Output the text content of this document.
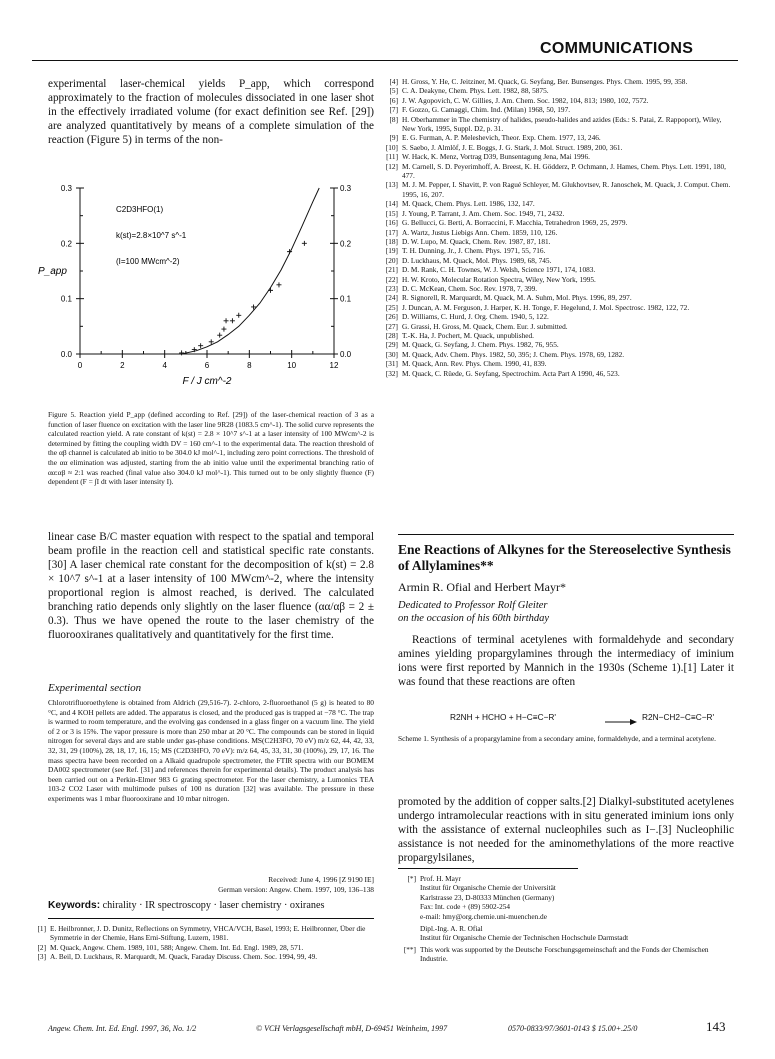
COMMUNICATIONS
experimental laser-chemical yields P_app, which correspond approximately to the fraction of molecules dissociated in one laser shot in the effectively irradiated volume (for exact definition see Ref. [29]) are analyzed quantitatively by means of a complete simulation of the reaction (Figure 5) in terms of the non-
0.0	0.0
0.1	0.1
0.2	0.2
0.3	0.3
0	2	4	6	8	10	12
F / J cm^-2
P_app
C2D3HFO(1)
k(st)=2.8×10^7 s^-1
(I=100 MWcm^-2)
Figure 5. Reaction yield P_app (defined according to Ref. [29]) of the laser-chemical reaction of 3 as a function of laser fluence on excitation with the laser line 9R28 (1083.5 cm^-1). The solid curve represents the calculated reaction yield. A rate constant of k(st) = 2.8 × 10^7 s^-1 at a laser intensity of 100 MWcm^-2 is determined by fitting the coupling width DV = 160 cm^-1 to the experimental data. The reaction threshold of the αβ channel is calculated ab initio to be 304.0 kJ mol^-1, including zero point corrections. The threshold of the αα elimination was adjusted, starting from the ab initio value until the experimental branching ratio of αα:αβ ≈ 2:1 was reached (final value also 304.0 kJ mol^-1). This turned out to be only slightly fluence (F) dependent (F = ∫I dt with laser intensity I).
linear case B/C master equation with respect to the spatial and temporal beam profile in the reaction cell and statistical specific rate constants.[30] A laser chemical rate constant for the decomposition of k(st) = 2.8 × 10^7 s^-1 at a laser intensity of 100 MWcm^-2, where the intensity proportional region is almost reached, is derived. The calculated branching ratio depends only slightly on the laser fluence (αα/αβ = 2 ± 0.3). Thus we have opened the route to the laser chemistry of the fluorooxiranes qualitatively and quantitatively for the first time.
Experimental section
Chlorotrifluoroethylene is obtained from Aldrich (29,516-7). 2-chloro, 2-fluoroethanol (5 g) is heated to 80 °C, and 4 KOH pellets are added. The apparatus is closed, and the produced gas is trapped at −78 °C. The trap is warmed to room temperature, and the evolving gas condensed in a glass finger on a vacuum line. The yield of 2 or 3 is 15%. The vapor pressure is more than 250 mbar at 20 °C. The compounds can be stored in liquid nitrogen for several days and are stable under gas-phase conditions. MS(C2H3FO, 70 eV) m/z 62, 44, 42, 33, 32, 31, 29 (100%), 28, 18, 17, 16, 15; MS (C2D3HFO, 70 eV): m/z 64, 45, 33, 31, 30 (100%), 29, 17, 16. The mass spectra have been recorded on a Alkaid quadrupole spectrometer, the FTIR spectra with our BOMEM DA002 spectrometer (see Ref. [31] and references therein for experimental details). The product analysis has been carried out on a Perkin-Elmer 983 G grating spectrometer. For the laser chemistry, a Lumonics TEA 103-2 CO2 Laser with multimode pulses of 100 ns duration [32] was available. The pressure in these experiments was 1 mbar fluorooxirane and 10 mbar nitrogen.
Received: June 4, 1996 [Z 9190 IE]
German version: Angew. Chem. 1997, 109, 136–138
Keywords: chirality · IR spectroscopy · laser chemistry · oxiranes
[1] E. Heilbronner, J. D. Dunitz, Reflections on Symmetry, VHCA/VCH, Basel, 1993; E. Heilbronner, Über die Symmetrie in der Chemie, Hans Erni-Stiftung, Luzern, 1981.
[2] M. Quack, Angew. Chem. 1989, 101, 588; Angew. Chem. Int. Ed. Engl. 1989, 28, 571.
[3] A. Beil, D. Luckhaus, R. Marquardt, M. Quack, Faraday Discuss. Chem. Soc. 1994, 99, 49.
[4] H. Gross, Y. He, C. Jeitziner, M. Quack, G. Seyfang, Ber. Bunsenges. Phys. Chem. 1995, 99, 358.
[5] C. A. Deakyne, Chem. Phys. Lett. 1982, 88, 5875.
[6] J. W. Agopovich, C. W. Gillies, J. Am. Chem. Soc. 1982, 104, 813; 1980, 102, 7572.
[7] F. Gozzo, G. Camaggi, Chim. Ind. (Milan) 1968, 50, 197.
[8] H. Oberhammer in The chemistry of halides, pseudo-halides and azides (Eds.: S. Patai, Z. Rappoport), Wiley, New York, 1995, Suppl. D2, p. 31.
[9] E. G. Furman, A. P. Meleshevich, Theor. Exp. Chem. 1977, 13, 246.
[10] S. Saebo, J. Almlöf, J. E. Boggs, J. G. Stark, J. Mol. Struct. 1989, 200, 361.
[11] W. Hack, K. Menz, Vortrag D39, Bunsentagung Jena, Mai 1996.
[12] M. Carnell, S. D. Peyerimhoff, A. Breest, K. H. Gödderz, P. Ochmann, J. Hames, Chem. Phys. Lett. 1991, 180, 477.
[13] M. J. M. Pepper, I. Shavitt, P. von Ragué Schleyer, M. Glukhovtsev, R. Janoschek, M. Quack, J. Comput. Chem. 1995, 16, 207.
[14] M. Quack, Chem. Phys. Lett. 1986, 132, 147.
[15] J. Young, P. Tarrant, J. Am. Chem. Soc. 1949, 71, 2432.
[16] G. Bellucci, G. Berti, A. Borraccini, F. Macchia, Tetrahedron 1969, 25, 2979.
[17] A. Wartz, Justus Liebigs Ann. Chem. 1859, 110, 126.
[18] D. W. Lupo, M. Quack, Chem. Rev. 1987, 87, 181.
[19] T. H. Dunning, Jr., J. Chem. Phys. 1971, 55, 716.
[20] D. Luckhaus, M. Quack, Mol. Phys. 1989, 68, 745.
[21] D. M. Rank, C. H. Townes, W. J. Welsh, Science 1971, 174, 1083.
[22] H. W. Kroto, Molecular Rotation Spectra, Wiley, New York, 1995.
[23] D. C. McKean, Chem. Soc. Rev. 1978, 7, 399.
[24] R. Signorell, R. Marquardt, M. Quack, M. A. Suhm, Mol. Phys. 1996, 89, 297.
[25] J. Duncan, A. M. Ferguson, J. Harper, K. H. Tonge, F. Hegelund, J. Mol. Spectrosc. 1982, 122, 72.
[26] D. Williams, C. Hurd, J. Org. Chem. 1940, 5, 122.
[27] G. Grassi, H. Gross, M. Quack, Chem. Eur. J. submitted.
[28] T.-K. Ha, J. Pochert, M. Quack, unpublished.
[29] M. Quack, G. Seyfang, J. Chem. Phys. 1982, 76, 955.
[30] M. Quack, Adv. Chem. Phys. 1982, 50, 395; J. Chem. Phys. 1978, 69, 1282.
[31] M. Quack, Ann. Rev. Phys. Chem. 1990, 41, 839.
[32] M. Quack, C. Rüede, G. Seyfang, Spectrochim. Acta Part A 1990, 46, 523.
Ene Reactions of Alkynes for the Stereoselective Synthesis of Allylamines**
Armin R. Ofial and Herbert Mayr*
Dedicated to Professor Rolf Gleiter
on the occasion of his 60th birthday
Reactions of terminal acetylenes with formaldehyde and secondary amines yielding propargylamines through the intermediacy of iminium ions were first reported by Mannich in the 1930s (Scheme 1).[1] Later it was found that these reactions are often
R2NH + HCHO + H−C≡C−R'	→ R2N−CH2−C≡C−R'
Scheme 1. Synthesis of a propargylamine from a secondary amine, formaldehyde, and a terminal acetylene.
promoted by the addition of copper salts.[2] Dialkyl-substituted acetylenes undergo intramolecular reactions with in situ generated iminium ions only with the assistance of external nucleophiles such as I−.[3] Nucleophilic assistance is not needed for the aminomethylations of the more reactive propargylsilanes,
[*] Prof. H. Mayr
Institut für Organische Chemie der Universität
Karlstrasse 23, D-80333 München (Germany)
Fax: Int. code + (89) 5902-254
e-mail: hmy@org.chemie.uni-muenchen.de
Dipl.-Ing. A. R. Ofial
Institut für Organische Chemie der Technischen Hochschule Darmstadt
[**] This work was supported by the Deutsche Forschungsgemeinschaft and the Fonds der Chemischen Industrie.
Angew. Chem. Int. Ed. Engl. 1997, 36, No. 1/2	© VCH Verlagsgesellschaft mbH, D-69451 Weinheim, 1997	0570-0833/97/3601-0143 $ 15.00+.25/0	143
